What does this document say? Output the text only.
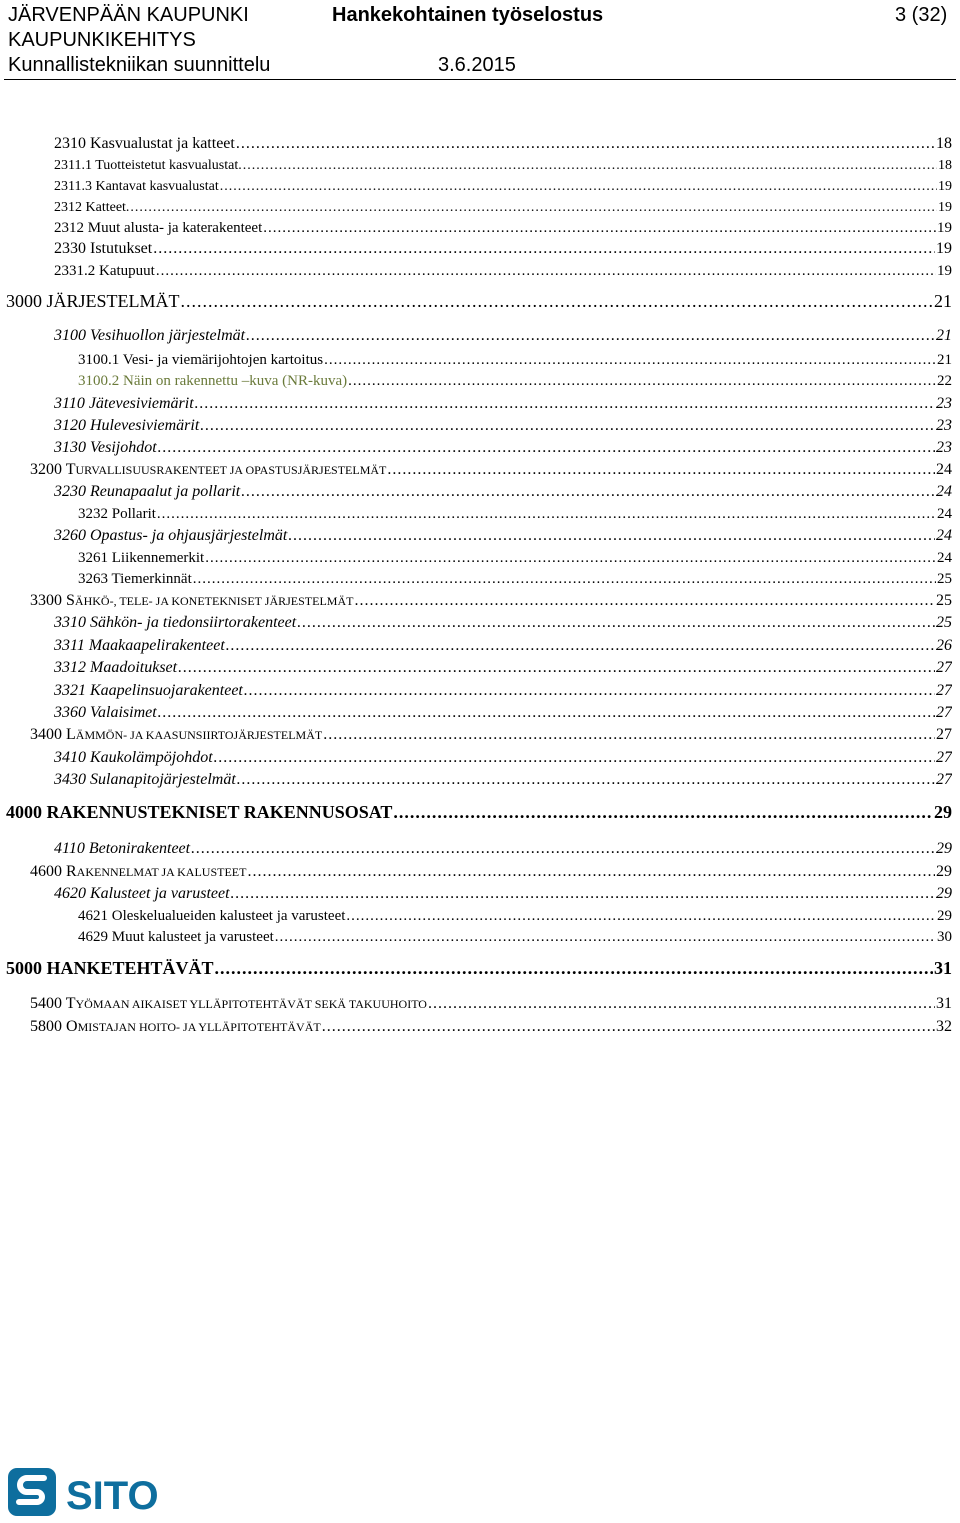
JÄRVENPÄÄN KAUPUNKI
KAUPUNKIKEHITYS
Kunnallistekniikan suunnittelu
Hankekohtainen työselostus
3.6.2015
3 (32)
2310 Kasvualustat ja katteet .....	18
2311.1 Tuotteistetut kasvualustat. .....	18
2311.3 Kantavat kasvualustat .....	19
2312 Katteet. .....	19
2312 Muut alusta- ja katerakenteet .....	19
2330 Istutukset .....	19
2331.2 Katupuut .....	19
3000 JÄRJESTELMÄT .....	21
3100 Vesihuollon järjestelmät .....	21
3100.1 Vesi- ja viemärijohtojen kartoitus .....	21
3100.2 Näin on rakennettu –kuva (NR-kuva) .....	22
3110 Jätevesiviemärit .....	23
3120 Hulevesiviemärit .....	23
3130 Vesijohdot .....	23
3200 TURVALLISUUSRAKENTEET JA OPASTUSJÄRJESTELMÄT .....	24
3230 Reunapaalut ja pollarit .....	24
3232 Pollarit .....	24
3260 Opastus- ja ohjausjärjestelmät .....	24
3261 Liikennemerkit .....	24
3263 Tiemerkinnät .....	25
3300 SÄHKÖ-, TELE- JA KONETEKNISET JÄRJESTELMÄT .....	25
3310 Sähkön- ja tiedonsiirtorakenteet .....	25
3311 Maakaapelirakenteet .....	26
3312 Maadoitukset .....	27
3321 Kaapelinsuojarakenteet .....	27
3360 Valaisimet .....	27
3400 LÄMMÖN- JA KAASUNSIIRTOJÄRJESTELMÄT .....	27
3410 Kaukolämpöjohdot .....	27
3430 Sulanapitojärjestelmät .....	27
4000 RAKENNUSTEKNISET RAKENNUSOSAT .....	29
4110 Betonirakenteet .....	29
4600 RAKENNELMAT JA KALUSTEET .....	29
4620 Kalusteet ja varusteet .....	29
4621 Oleskelualueiden kalusteet ja varusteet .....	29
4629 Muut kalusteet ja varusteet .....	30
5000 HANKETEHTÄVÄT .....	31
5400 TYÖMAAN AIKAISET YLLÄPITOTEHTÄVÄT SEKÄ TAKUUHOITO .....	31
5800 OMISTAJAN HOITO- JA YLLÄPITOTEHTÄVÄT .....	32
SITO
